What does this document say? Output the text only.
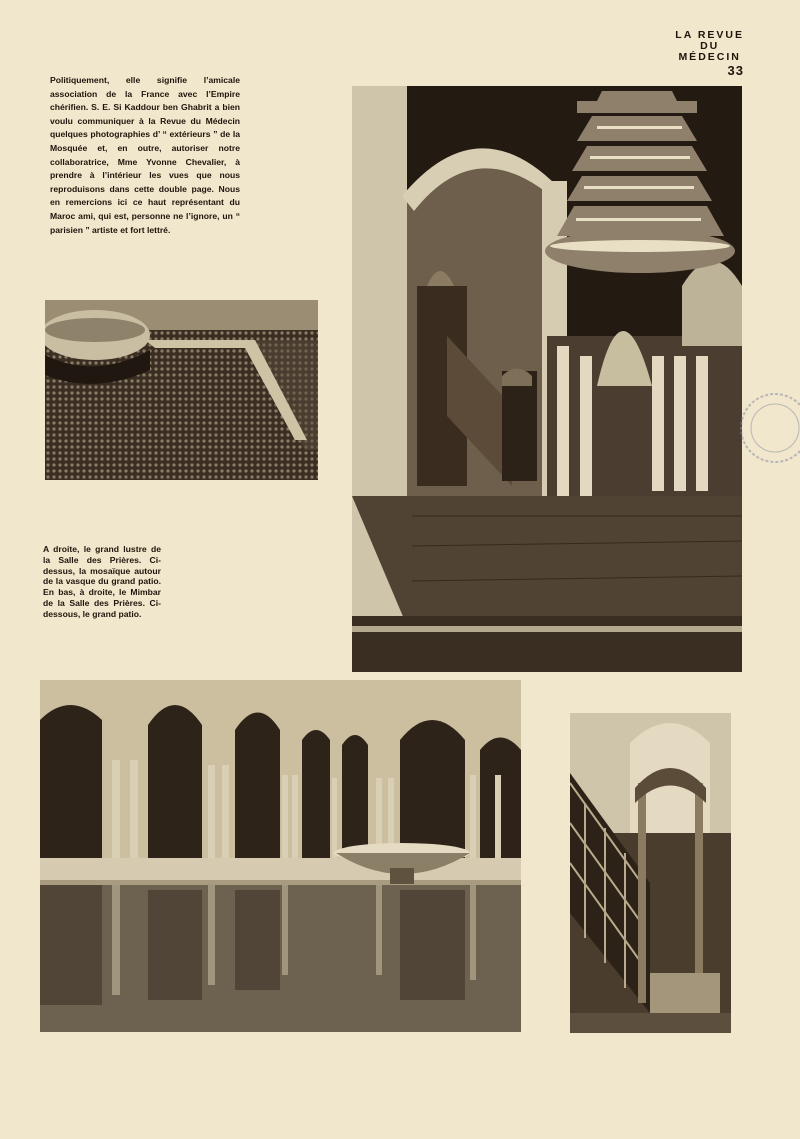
LA REVUE
DU
MÉDECIN
33
Politiquement, elle signifie l’amicale association de la France avec l’Empire chérifien. S. E. Si Kaddour ben Ghabrit a bien voulu communiquer à la Revue du Médecin quelques photographies d’ “ extérieurs ” de la Mosquée et, en outre, autoriser notre collaboratrice, Mme Yvonne Chevalier, à prendre à l’intérieur les vues que nous reproduisons dans cette double page. Nous en remercions ici ce haut représentant du Maroc ami, qui est, personne ne l’ignore, un “ parisien ” artiste et fort lettré.
A droite, le grand lustre de la Salle des Prières. Ci-dessus, la mosaïque autour de la vasque du grand patio. En bas, à droite, le Mimbar de la Salle des Prières. Ci-dessous, le grand patio.
